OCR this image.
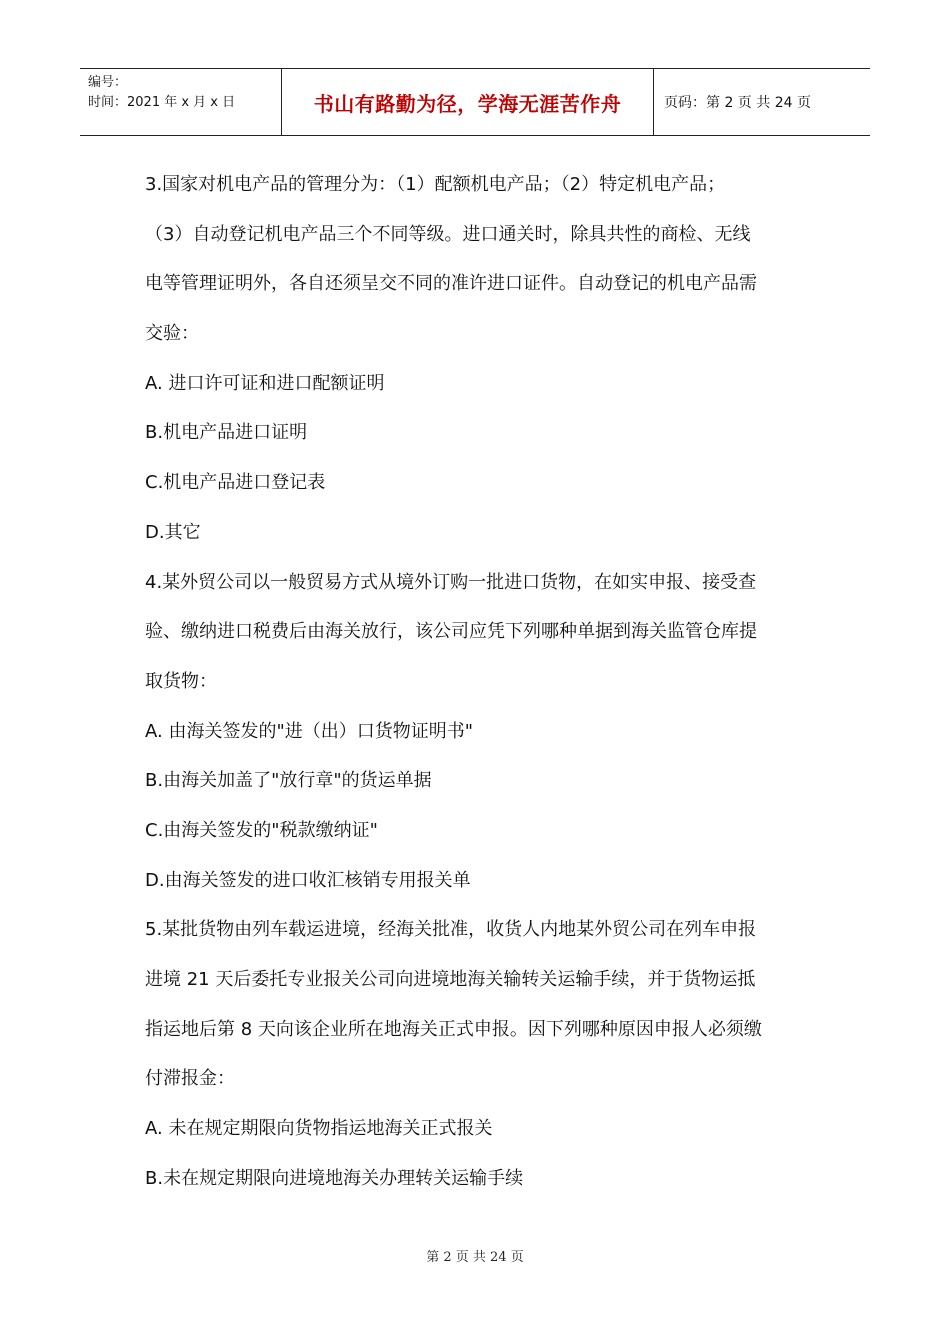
编号：
时间：2021 年 x 月 x 日	书山有路勤为径，学海无涯苦作舟	页码：第 2 页 共 24 页
3.国家对机电产品的管理分为：（1）配额机电产品；（2）特定机电产品；
（3）自动登记机电产品三个不同等级。进口通关时，除具共性的商检、无线
电等管理证明外，各自还须呈交不同的准许进口证件。自动登记的机电产品需
交验：
A. 进口许可证和进口配额证明
B.机电产品进口证明
C.机电产品进口登记表
D.其它
4.某外贸公司以一般贸易方式从境外订购一批进口货物，在如实申报、接受查
验、缴纳进口税费后由海关放行，该公司应凭下列哪种单据到海关监管仓库提
取货物：
A. 由海关签发的"进（出）口货物证明书"
B.由海关加盖了"放行章"的货运单据
C.由海关签发的"税款缴纳证"
D.由海关签发的进口收汇核销专用报关单
5.某批货物由列车载运进境，经海关批准，收货人内地某外贸公司在列车申报
进境 21 天后委托专业报关公司向进境地海关输转关运输手续，并于货物运抵
指运地后第 8 天向该企业所在地海关正式申报。因下列哪种原因申报人必须缴
付滞报金：
A. 未在规定期限向货物指运地海关正式报关
B.未在规定期限向进境地海关办理转关运输手续
第 2 页 共 24 页
